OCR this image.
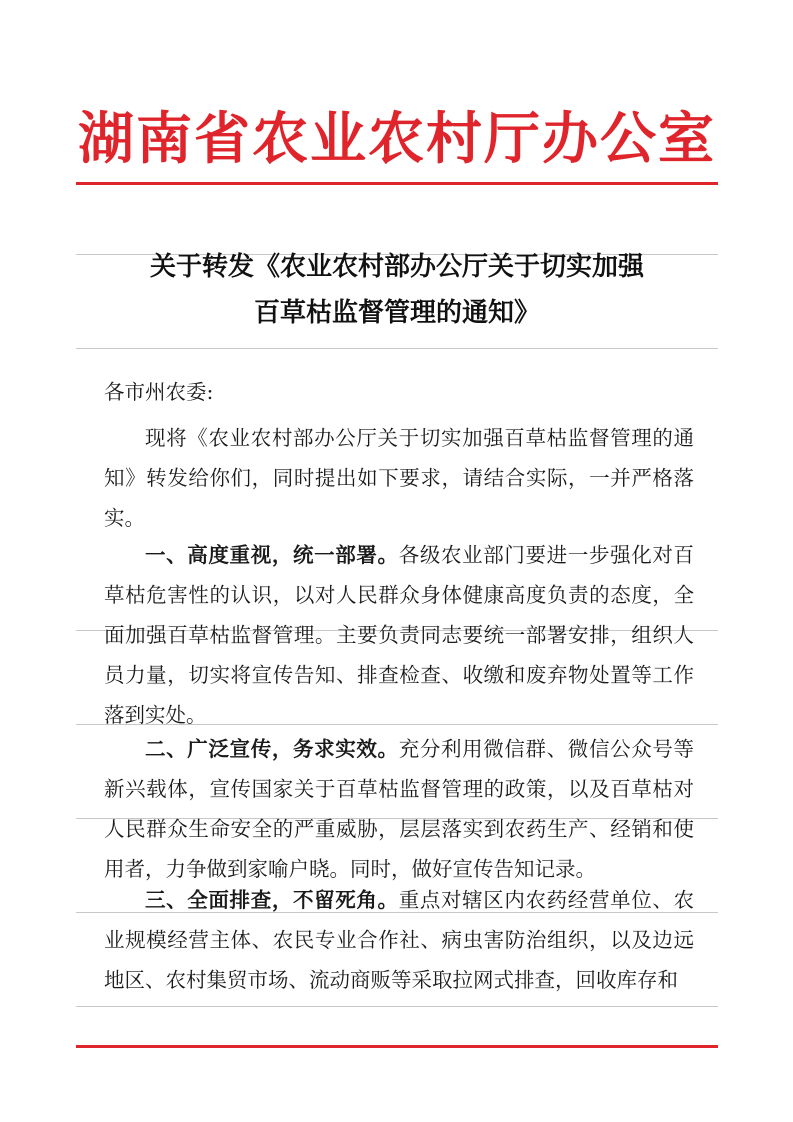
湖南省农业农村厅办公室
关于转发《农业农村部办公厅关于切实加强
百草枯监督管理的通知》
各市州农委:
现将《农业农村部办公厅关于切实加强百草枯监督管理的通知》转发给你们，同时提出如下要求，请结合实际，一并严格落实。
一、高度重视，统一部署。各级农业部门要进一步强化对百草枯危害性的认识，以对人民群众身体健康高度负责的态度，全面加强百草枯监督管理。主要负责同志要统一部署安排，组织人员力量，切实将宣传告知、排查检查、收缴和废弃物处置等工作落到实处。
二、广泛宣传，务求实效。充分利用微信群、微信公众号等新兴载体，宣传国家关于百草枯监督管理的政策，以及百草枯对人民群众生命安全的严重威胁，层层落实到农药生产、经销和使用者，力争做到家喻户晓。同时，做好宣传告知记录。
三、全面排查，不留死角。重点对辖区内农药经营单位、农业规模经营主体、农民专业合作社、病虫害防治组织，以及边远地区、农村集贸市场、流动商贩等采取拉网式排查，回收库存和
